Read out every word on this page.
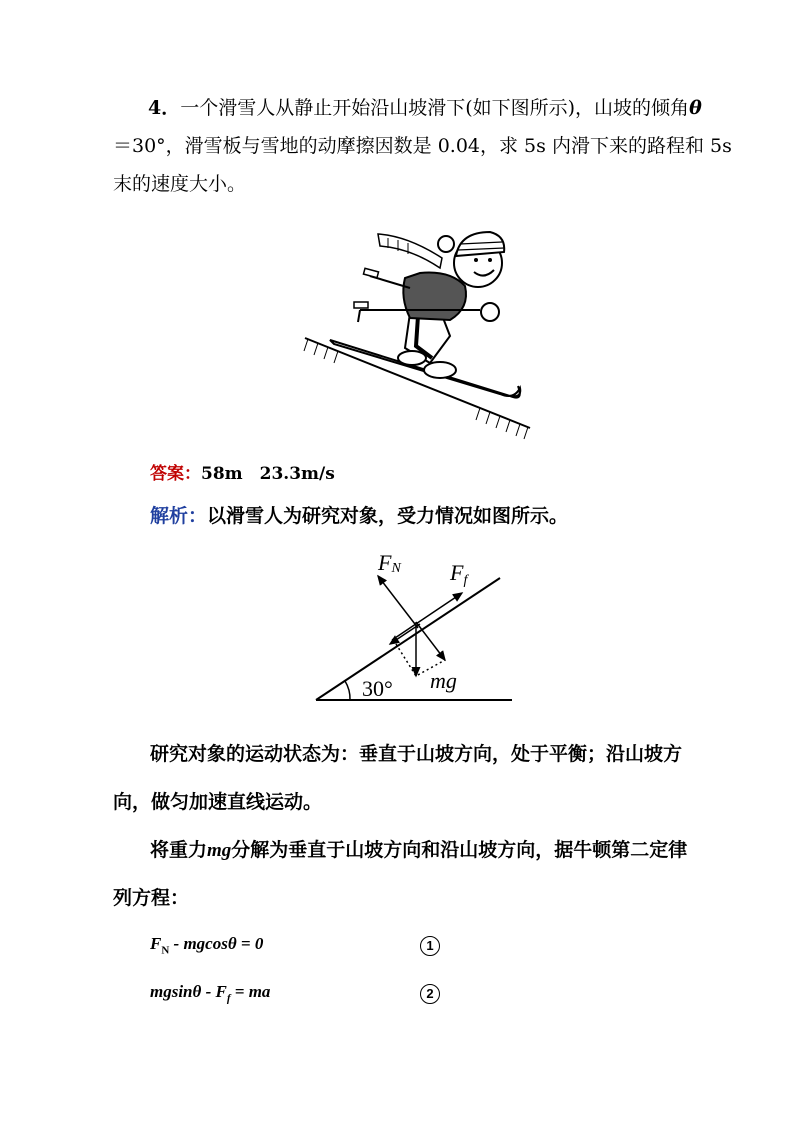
4．一个滑雪人从静止开始沿山坡滑下(如下图所示)，山坡的倾角θ
＝30°，滑雪板与雪地的动摩擦因数是 0.04，求 5s 内滑下来的路程和 5s
末的速度大小。
答案：58m　23.3m/s
解析：以滑雪人为研究对象，受力情况如图所示。
FN Ff
mg
30°
研究对象的运动状态为：垂直于山坡方向，处于平衡；沿山坡方
向，做匀加速直线运动。
将重力mg分解为垂直于山坡方向和沿山坡方向，据牛顿第二定律
列方程：
$F_N - mgcos\theta = 0$	1
mgsinθ - $F_f$ = ma	2
